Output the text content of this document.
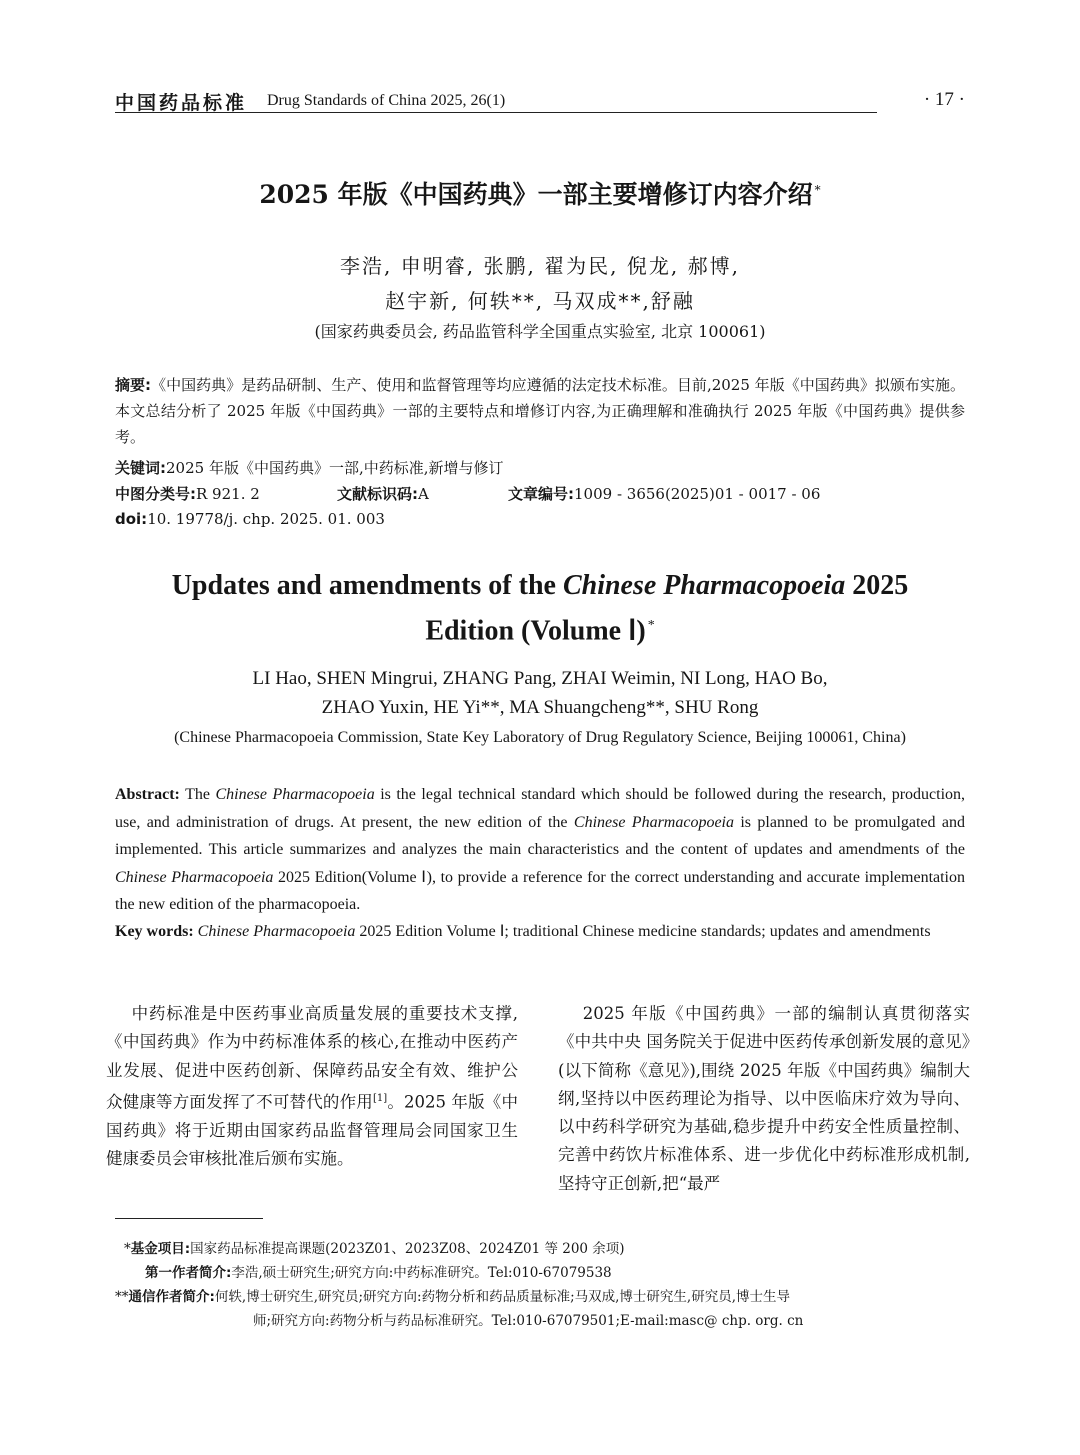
中国药品标准 Drug Standards of China 2025, 26(1)	· 17 ·
2025 年版《中国药典》一部主要增修订内容介绍 *
李浩, 申明睿, 张鹏, 翟为民, 倪龙, 郝博,
赵宇新, 何轶**, 马双成**,舒融
(国家药典委员会, 药品监管科学全国重点实验室, 北京 100061)
摘要:《中国药典》是药品研制、生产、使用和监督管理等均应遵循的法定技术标准。目前,2025 年版《中国药典》拟颁布实施。本文总结分析了 2025 年版《中国药典》一部的主要特点和增修订内容,为正确理解和准确执行 2025 年版《中国药典》提供参考。
关键词:2025 年版《中国药典》一部,中药标准,新增与修订
中图分类号:R 921. 2	文献标识码:A	文章编号:1009 - 3656(2025)01 - 0017 - 06
doi:10. 19778/j. chp. 2025. 01. 003
Updates and amendments of the Chinese Pharmacopoeia 2025
Edition (Volume Ⅰ) *
LI Hao, SHEN Mingrui, ZHANG Pang, ZHAI Weimin, NI Long, HAO Bo,
ZHAO Yuxin, HE Yi**, MA Shuangcheng**, SHU Rong
(Chinese Pharmacopoeia Commission, State Key Laboratory of Drug Regulatory Science, Beijing 100061, China)
Abstract: The Chinese Pharmacopoeia is the legal technical standard which should be followed during the research, production, use, and administration of drugs. At present, the new edition of the Chinese Pharmacopoeia is planned to be promulgated and implemented. This article summarizes and analyzes the main characteristics and the content of updates and amendments of the Chinese Pharmacopoeia 2025 Edition(Volume Ⅰ), to provide a reference for the correct understanding and accurate implementation the new edition of the pharmacopoeia.
Key words: Chinese Pharmacopoeia 2025 Edition Volume Ⅰ; traditional Chinese medicine standards; updates and amendments
  中药标准是中医药事业高质量发展的重要技术支撑,《中国药典》作为中药标准体系的核心,在推动中医药产业发展、促进中医药创新、保障药品安全有效、维护公众健康等方面发挥了不可替代的作用[1]。2025 年版《中国药典》将于近期由国家药品监督管理局会同国家卫生健康委员会审核批准后颁布实施。
  2025 年版《中国药典》一部的编制认真贯彻落实《中共中央 国务院关于促进中医药传承创新发展的意见》(以下简称《意见》),围绕 2025 年版《中国药典》编制大纲,坚持以中医药理论为指导、以中医临床疗效为导向、以中药科学研究为基础,稳步提升中药安全性质量控制、完善中药饮片标准体系、进一步优化中药标准形成机制,坚持守正创新,把“最严
*基金项目:国家药品标准提高课题(2023Z01、2023Z08、2024Z01 等 200 余项)
第一作者简介:李浩,硕士研究生;研究方向:中药标准研究。Tel:010-67079538
**通信作者简介:何轶,博士研究生,研究员;研究方向:药物分析和药品质量标准;马双成,博士研究生,研究员,博士生导
师;研究方向:药物分析与药品标准研究。Tel:010-67079501;E-mail:masc@ chp. org. cn
